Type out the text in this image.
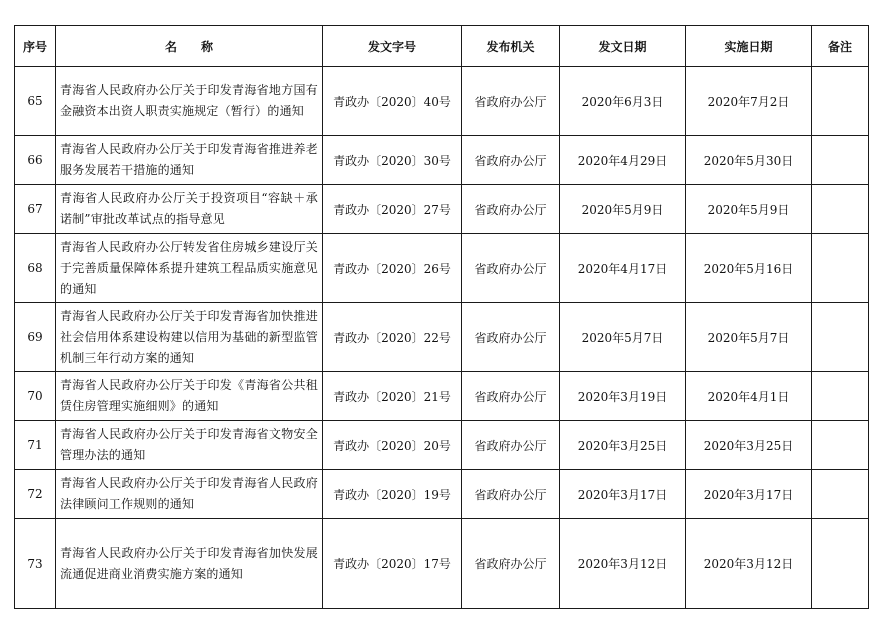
序号	名　　称	发文字号	发布机关	发文日期	实施日期	备注
65	青海省人民政府办公厅关于印发青海省地方国有金融资本出资人职责实施规定（暂行）的通知	青政办〔2020〕40号	省政府办公厅	2020年6月3日	2020年7月2日	
66	青海省人民政府办公厅关于印发青海省推进养老服务发展若干措施的通知	青政办〔2020〕30号	省政府办公厅	2020年4月29日	2020年5月30日	
67	青海省人民政府办公厅关于投资项目“容缺＋承诺制”审批改革试点的指导意见	青政办〔2020〕27号	省政府办公厅	2020年5月9日	2020年5月9日	
68	青海省人民政府办公厅转发省住房城乡建设厅关于完善质量保障体系提升建筑工程品质实施意见的通知	青政办〔2020〕26号	省政府办公厅	2020年4月17日	2020年5月16日	
69	青海省人民政府办公厅关于印发青海省加快推进社会信用体系建设构建以信用为基础的新型监管机制三年行动方案的通知	青政办〔2020〕22号	省政府办公厅	2020年5月7日	2020年5月7日	
70	青海省人民政府办公厅关于印发《青海省公共租赁住房管理实施细则》的通知	青政办〔2020〕21号	省政府办公厅	2020年3月19日	2020年4月1日	
71	青海省人民政府办公厅关于印发青海省文物安全管理办法的通知	青政办〔2020〕20号	省政府办公厅	2020年3月25日	2020年3月25日	
72	青海省人民政府办公厅关于印发青海省人民政府法律顾问工作规则的通知	青政办〔2020〕19号	省政府办公厅	2020年3月17日	2020年3月17日	
73	青海省人民政府办公厅关于印发青海省加快发展流通促进商业消费实施方案的通知	青政办〔2020〕17号	省政府办公厅	2020年3月12日	2020年3月12日	
